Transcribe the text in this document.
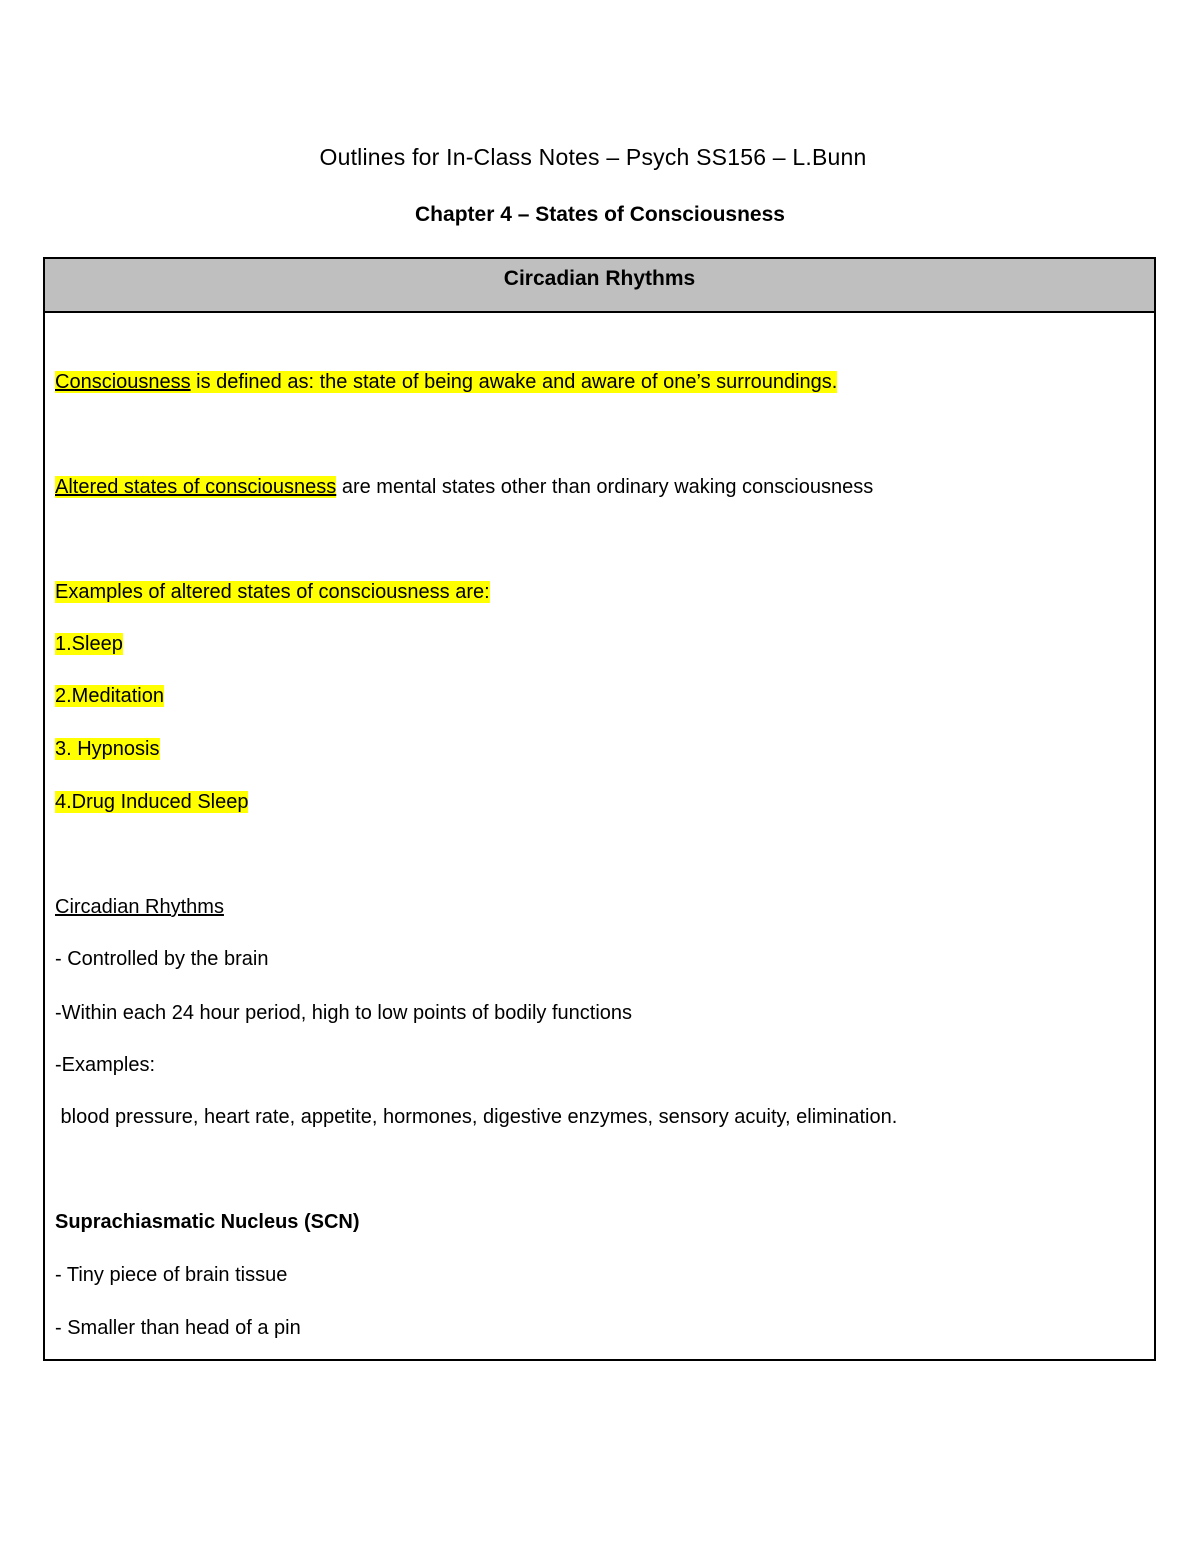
Outlines for In-Class Notes – Psych SS156 – L.Bunn
Chapter 4 – States of Consciousness
Circadian Rhythms
Consciousness is defined as: the state of being awake and aware of one’s surroundings.
Altered states of consciousness are mental states other than ordinary waking consciousness
Examples of altered states of consciousness are:
1.Sleep
2.Meditation
3. Hypnosis
4.Drug Induced Sleep
Circadian Rhythms
- Controlled by the brain
-Within each 24 hour period, high to low points of bodily functions
-Examples:
blood pressure, heart rate, appetite, hormones, digestive enzymes, sensory acuity, elimination.
Suprachiasmatic Nucleus (SCN)
- Tiny piece of brain tissue
- Smaller than head of a pin
